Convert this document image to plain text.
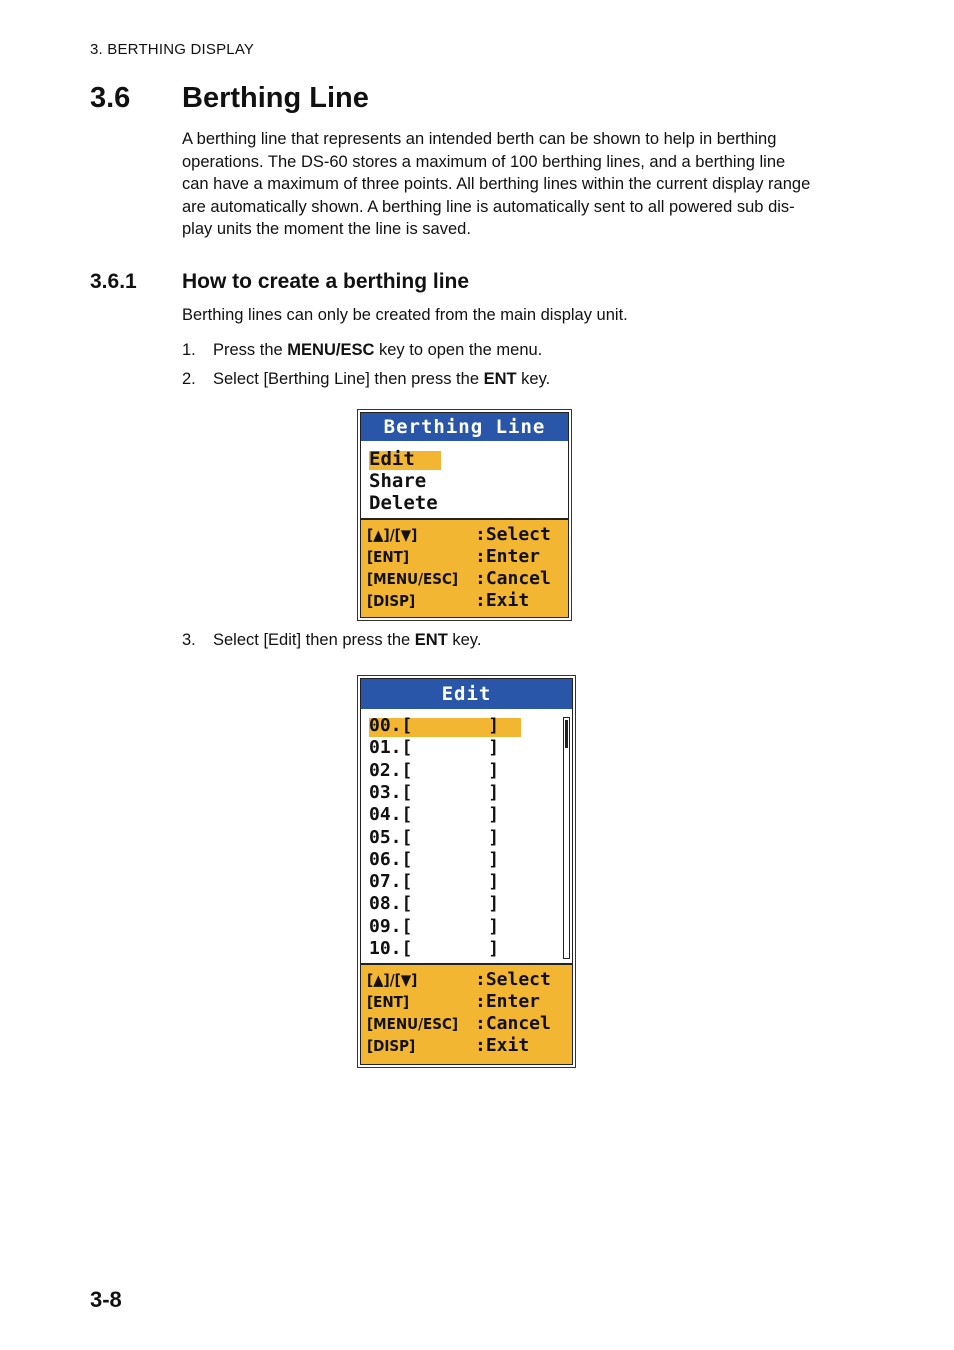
3. BERTHING DISPLAY
3.6 Berthing Line
A berthing line that represents an intended berth can be shown to help in berthing
operations. The DS-60 stores a maximum of 100 berthing lines, and a berthing line
can have a maximum of three points. All berthing lines within the current display range
are automatically shown. A berthing line is automatically sent to all powered sub dis-
play units the moment the line is saved.
3.6.1 How to create a berthing line
Berthing lines can only be created from the main display unit.
1. Press the MENU/ESC key to open the menu.
2. Select [Berthing Line] then press the ENT key.
Berthing Line
Edit
Share
Delete
[▲]/[▼]	:Select
[ENT]	:Enter
[MENU/ESC] :Cancel
[DISP]	:Exit
3. Select [Edit] then press the ENT key.
Edit
00.[       ]
01.[       ]
02.[       ]
03.[       ]
04.[       ]
05.[       ]
06.[       ]
07.[       ]
08.[       ]
09.[       ]
10.[       ]
[▲]/[▼]	:Select
[ENT]	:Enter
[MENU/ESC] :Cancel
[DISP]	:Exit
3-8
